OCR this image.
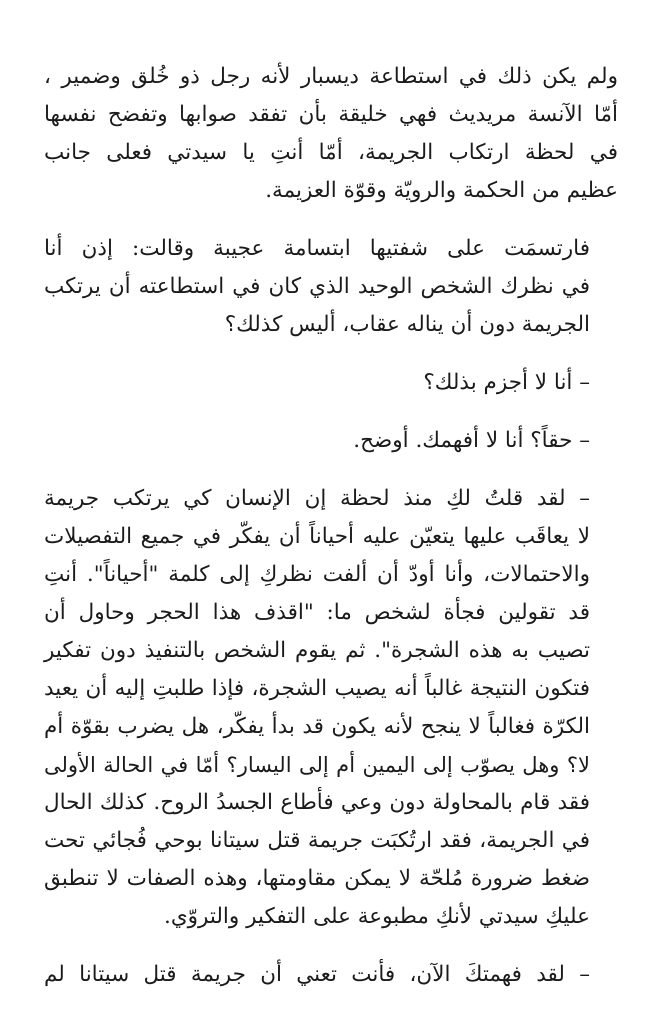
ولم يكن ذلك في استطاعة ديسبار لأنه رجل ذو خُلق وضمير ،
أمّا الآنسة مريديث فهي خليقة بأن تفقد صوابها وتفضح نفسها
في لحظة ارتكاب الجريمة، أمّا أنتِ يا سيدتي فعلى جانب
عظيم من الحكمة والرويّة وقوّة العزيمة.
فارتسمَت على شفتيها ابتسامة عجيبة وقالت: إذن أنا
في نظرك الشخص الوحيد الذي كان في استطاعته أن يرتكب
الجريمة دون أن يناله عقاب، أليس كذلك؟
– أنا لا أجزم بذلك؟
– حقاً؟ أنا لا أفهمك. أوضح.
– لقد قلتُ لكِ منذ لحظة إن الإنسان كي يرتكب جريمة
لا يعاقَب عليها يتعيّن عليه أحياناً أن يفكّر في جميع التفصيلات
والاحتمالات، وأنا أودّ أن ألفت نظركِ إلى كلمة "أحياناً". أنتِ
قد تقولين فجأة لشخص ما: "اقذف هذا الحجر وحاول أن
تصيب به هذه الشجرة". ثم يقوم الشخص بالتنفيذ دون تفكير
فتكون النتيجة غالباً أنه يصيب الشجرة، فإذا طلبتِ إليه أن يعيد
الكرّة فغالباً لا ينجح لأنه يكون قد بدأ يفكّر، هل يضرب بقوّة أم
لا؟ وهل يصوّب إلى اليمين أم إلى اليسار؟ أمّا في الحالة الأولى
فقد قام بالمحاولة دون وعي فأطاع الجسدُ الروح. كذلك الحال
في الجريمة، فقد ارتُكبَت جريمة قتل سيتانا بوحي فُجائي تحت
ضغط ضرورة مُلحّة لا يمكن مقاومتها، وهذه الصفات لا تنطبق
عليكِ سيدتي لأنكِ مطبوعة على التفكير والتروّي.
– لقد فهمتكَ الآن، فأنت تعني أن جريمة قتل سيتانا لم
